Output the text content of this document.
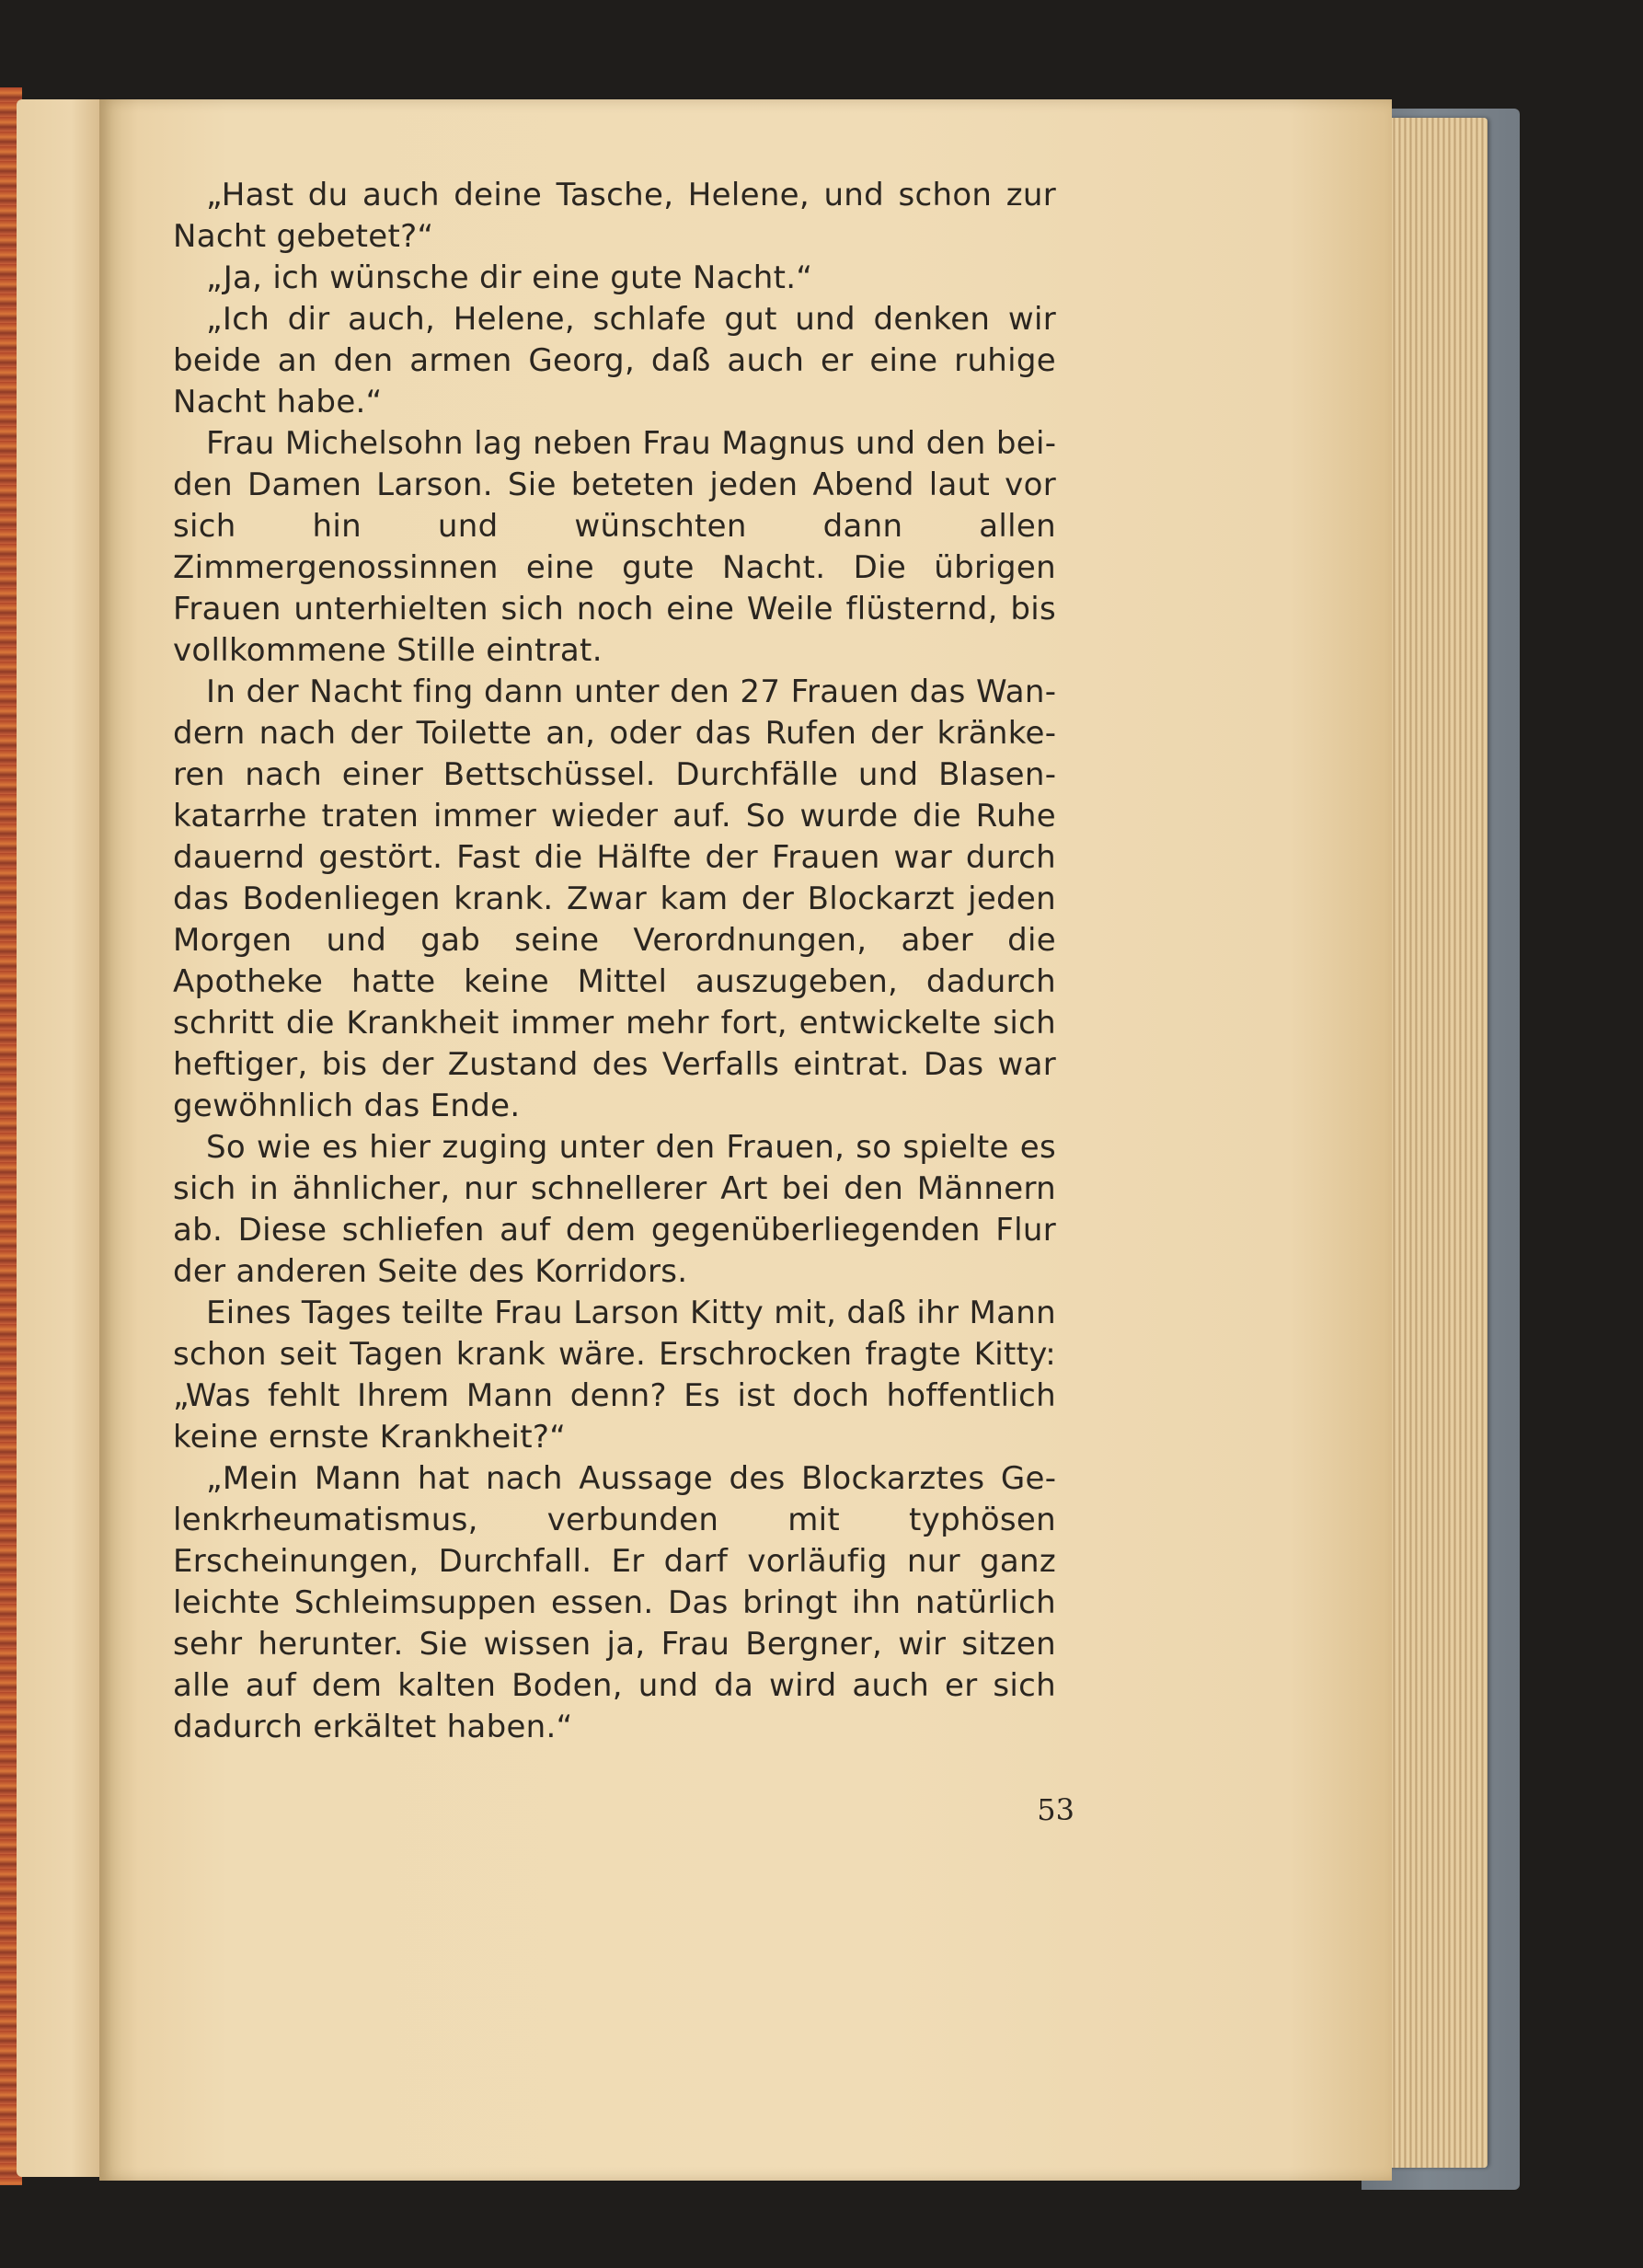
„Hast du auch deine Tasche, Helene, und schon zur Nacht gebetet?“

„Ja, ich wünsche dir eine gute Nacht.“

„Ich dir auch, Helene, schlafe gut und denken wir beide an den armen Georg, daß auch er eine ruhige Nacht habe.“

Frau Michelsohn lag neben Frau Magnus und den beiden Damen Larson. Sie beteten jeden Abend laut vor sich hin und wünschten dann allen Zimmergenossinnen eine gute Nacht. Die übrigen Frauen unterhielten sich noch eine Weile flüsternd, bis vollkommene Stille eintrat.

In der Nacht fing dann unter den 27 Frauen das Wandern nach der Toilette an, oder das Rufen der kränkeren nach einer Bettschüssel. Durchfälle und Blasenkatarrhe traten immer wieder auf. So wurde die Ruhe dauernd gestört. Fast die Hälfte der Frauen war durch das Bodenliegen krank. Zwar kam der Blockarzt jeden Morgen und gab seine Verordnungen, aber die Apotheke hatte keine Mittel auszugeben, dadurch schritt die Krankheit immer mehr fort, entwickelte sich heftiger, bis der Zustand des Verfalls eintrat. Das war gewöhnlich das Ende.

So wie es hier zuging unter den Frauen, so spielte es sich in ähnlicher, nur schnellerer Art bei den Männern ab. Diese schliefen auf dem gegenüberliegenden Flur der anderen Seite des Korridors.

Eines Tages teilte Frau Larson Kitty mit, daß ihr Mann schon seit Tagen krank wäre. Erschrocken fragte Kitty: „Was fehlt Ihrem Mann denn? Es ist doch hoffentlich keine ernste Krankheit?“

„Mein Mann hat nach Aussage des Blockarztes Gelenkrheumatismus, verbunden mit typhösen Erscheinungen, Durchfall. Er darf vorläufig nur ganz leichte Schleimsuppen essen. Das bringt ihn natürlich sehr herunter. Sie wissen ja, Frau Bergner, wir sitzen alle auf dem kalten Boden, und da wird auch er sich dadurch erkältet haben.“

53
